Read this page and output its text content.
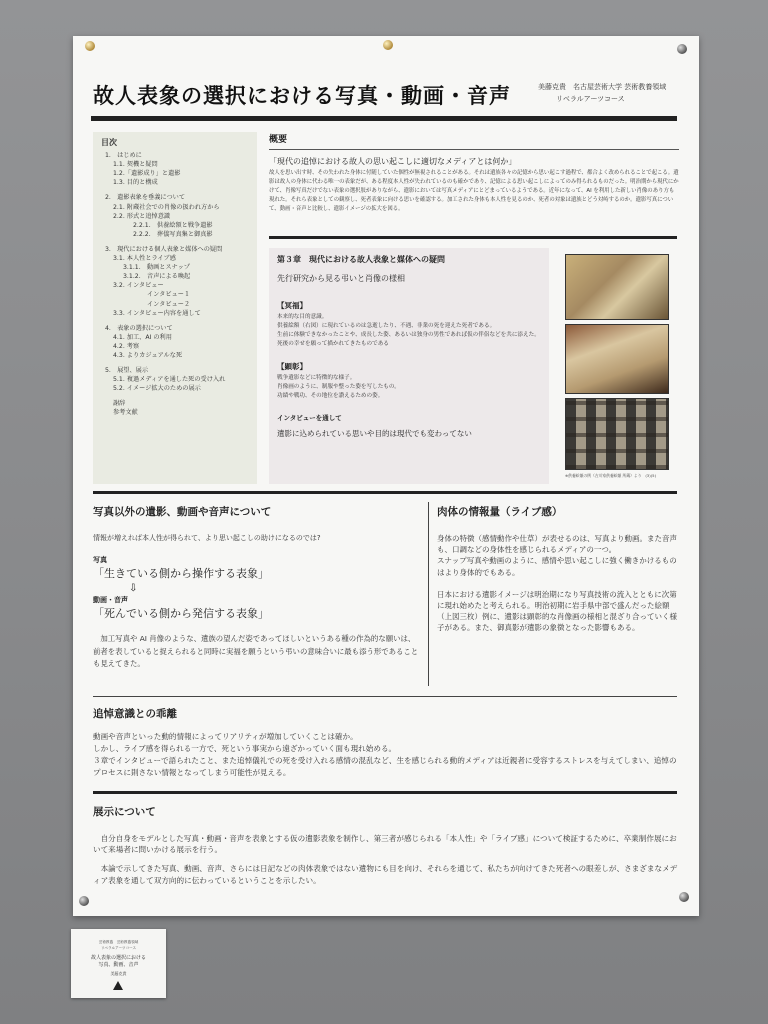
故人表象の選択における写真・動画・音声	美藤克貴　名古屋芸術大学 芸術教養領域
リベラルアーツコース
目次
1.　はじめに
1.1. 契機と疑問
1.2.「遺影成り」と遺影
1.3. 目的と構成
2.　遺影表象を垂義について
2.1. 附蔵社会での肖像の扱われ方から
2.2. 形式と追悼意識
2.2.1.　供養絵額と戦争遺影
2.2.2.　葬儀写真集と御真影
3.　現代における個人表象と媒体への疑問
3.1. 本人性とライブ感
3.1.1.　動画とスナップ
3.1.2.　音声による喚起
3.2. インタビュー
インタビュー１
インタビュー２
3.3. インタビュー内容を通して
4.　表象の選択について
4.1. 加工、AI の利用
4.2. 考察
4.3. よりカジュアルな死
5.　展望、展示
5.1. 複過メディアを通した死の受け入れ
5.2. イメージ拡大のための展示
謝辞
参考文献
概要
「現代の追悼における故人の思い起こしに適切なメディアとは何か」

故人を思い出す時、その失われた身体に付随していた個性が無視されることがある。それは遺族各々の記憶から思い起こす過程で、都合よく改められることで起こる。遺影は故人の身体に代わる唯一の表象だが、ある程度本人性が失われているのも確かであり、記憶による思い起こしによってのみ得られるものだった。明治期から現代にかけて、肖像写真だけでない表象の選択肢がありながら、遺影においては写真メディアにとどまっているようである。近年になって、AI を利用した新しい肖像のあり方も現れた。それら表象としての観察し、死者表象に向ける思いを確認する。加工された身体も本人性を見るのか、死者の対象は遺族とどう対峙するのか。遺影写真について、動画・音声と比較し、遺影イメージの拡大を図る。

第３章　現代における故人表象と媒体への疑問
先行研究から見る弔いと肖像の様相
【冥福】
本来的な目的意識。
供養絵額（右図）に現れているのは急逝したり、不遇、非業の死を迎えた死者である。
生前に体験できなかったことや、成長した姿、あるいは独身の男性であれば仮の伴侶などを共に添えた。死後の幸せを願って描かれてきたものである
【顕彰】
戦争遺影などに特徴的な様子。
肖像画のように、制服や整った姿を写したもの。
功績や戦功、その地位を讃えるための姿。
インタビューを通して
遺影に込められている思いや目的は現代でも変わってない
※供養絵額の例（吉川家供養絵額 所蔵）より　(3)(5)
写真以外の遺影、動画や音声について
情報が増えれば本人性が得られて、より思い起こしの助けになるのでは?
写真
「生きている側から操作する表象」
⇩
動画・音声
「死んでいる側から発信する表象」

加工写真や AI 肖像のような、遺族の望んだ姿であってほしいというある種の作為的な願いは、前者を表していると捉えられると同時に実福を願うという弔いの意味合いに最も添う形であることも見えてきた。

肉体の情報量（ライブ感）

身体の特徴（感情動作や仕草）が表せるのは、写真より動画。また音声も、口調などの身体性を感じられるメディアの一つ。
スナップ写真や動画のように、感情や思い起こしに強く働きかけるものはより身体的でもある。

日本における遺影イメージは明治期になり写真技術の流入とともに次第に現れ始めたと考えられる。明治初期に岩手県中部で盛んだった絵額（上図三枚）例に、遺影は顕彰的な肖像画の様相と混ざり合っていく様子がある。また、御真影が遺影の象徴となった影響もある。

追悼意識との乖離

動画や音声といった動的情報によってリアリティが増加していくことは確か。

しかし、ライブ感を得られる一方で、死という事実から遠ざかっていく面も現れ始める。

３章でインタビューで語られたこと、また追悼儀礼での死を受け入れる感情の混乱など、生を感じられる動的メディアは近親者に受容するストレスを与えてしまい、追悼のプロセスに則さない情報となってしまう可能性が見える。

展示について

自分自身をモデルとした写真・動画・音声を表象とする仮の遺影表象を制作し、第三者が感じられる「本人性」や「ライブ感」について検証するために、卒業制作展において来場者に問いかける展示を行う。

本論で示してきた写真、動画、音声、さらには日記などの肉体表象ではない遺物にも目を向け、それらを通じて、私たちが向けてきた死者への眼差しが、さまざまなメディア表象を通して双方向的に伝わっているということを示したい。

芸術教養　芸術教養領域
リベラルアーツコース
故人表象の選択における
写真、動画、音声
美藤克貴
